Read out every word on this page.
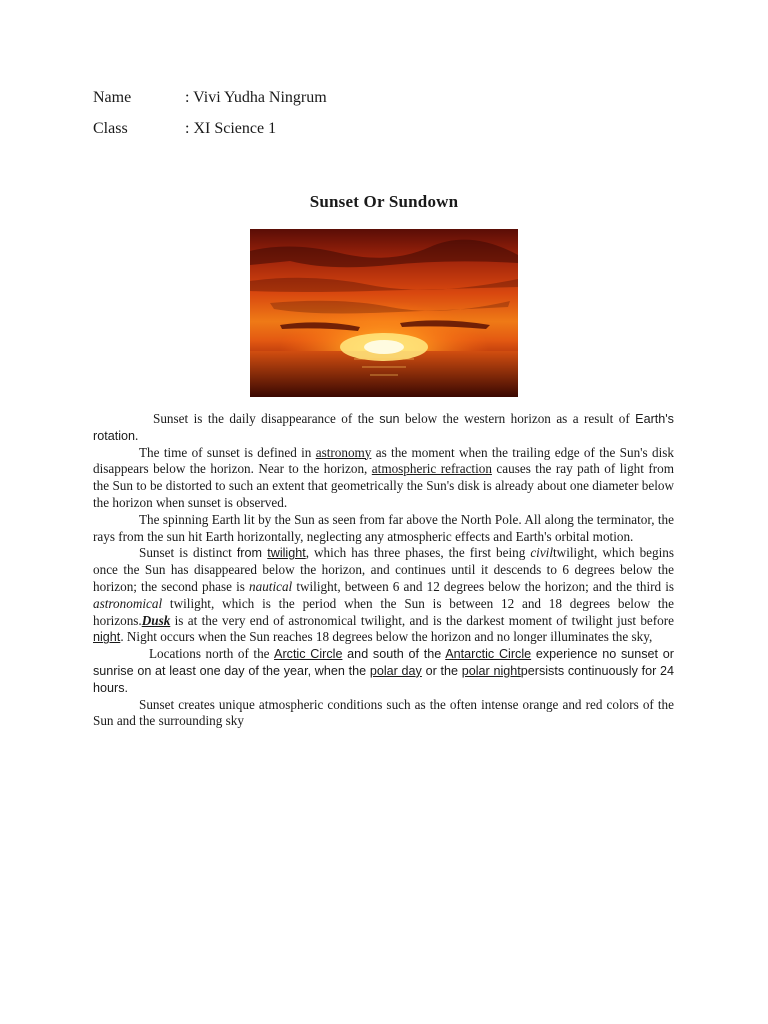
Name	: Vivi Yudha Ningrum
Class	: XI Science 1
Sunset Or Sundown

Sunset is the daily disappearance of the sun below the western horizon as a result of Earth's rotation.

The time of sunset is defined in astronomy as the moment when the trailing edge of the Sun's disk disappears below the horizon. Near to the horizon, atmospheric refraction causes the ray path of light from the Sun to be distorted to such an extent that geometrically the Sun's disk is already about one diameter below the horizon when sunset is observed.

The spinning Earth lit by the Sun as seen from far above the North Pole. All along the terminator, the rays from the sun hit Earth horizontally, neglecting any atmospheric effects and Earth's orbital motion.

Sunset is distinct from twilight, which has three phases, the first being civiltwilight, which begins once the Sun has disappeared below the horizon, and continues until it descends to 6 degrees below the horizon; the second phase is nautical twilight, between 6 and 12 degrees below the horizon; and the third is astronomical twilight, which is the period when the Sun is between 12 and 18 degrees below the horizons.Dusk is at the very end of astronomical twilight, and is the darkest moment of twilight just before night. Night occurs when the Sun reaches 18 degrees below the horizon and no longer illuminates the sky,

Locations north of the Arctic Circle and south of the Antarctic Circle experience no sunset or sunrise on at least one day of the year, when the polar day or the polar nightpersists continuously for 24 hours.

Sunset creates unique atmospheric conditions such as the often intense orange and red colors of the Sun and the surrounding sky
